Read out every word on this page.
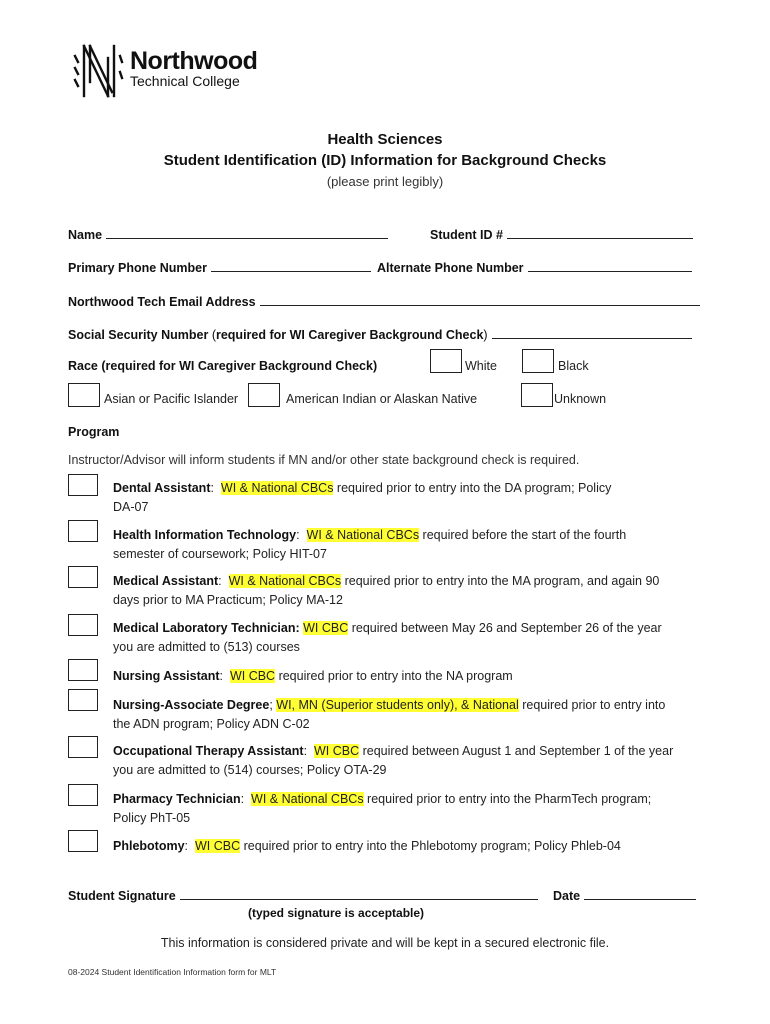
Northwood
Technical College
Health Sciences
Student Identification (ID) Information for Background Checks
(please print legibly)
Name	Student ID #
Primary Phone Number	Alternate Phone Number
Northwood Tech Email Address
Social Security Number (required for WI Caregiver Background Check)
Race (required for WI Caregiver Background Check)	White	Black
Asian or Pacific Islander	American Indian or Alaskan Native	Unknown
Program
Instructor/Advisor will inform students if MN and/or other state background check is required.
Dental Assistant: WI & National CBCs required prior to entry into the DA program; Policy
DA-07
Health Information Technology: WI & National CBCs required before the start of the fourth
semester of coursework; Policy HIT-07
Medical Assistant: WI & National CBCs required prior to entry into the MA program, and again 90
days prior to MA Practicum; Policy MA-12
Medical Laboratory Technician: WI CBC required between May 26 and September 26 of the year
you are admitted to (513) courses
Nursing Assistant: WI CBC required prior to entry into the NA program
Nursing-Associate Degree; WI, MN (Superior students only), & National required prior to entry into
the ADN program; Policy ADN C-02
Occupational Therapy Assistant: WI CBC required between August 1 and September 1 of the year
you are admitted to (514) courses; Policy OTA-29
Pharmacy Technician: WI & National CBCs required prior to entry into the PharmTech program;
Policy PhT-05
Phlebotomy: WI CBC required prior to entry into the Phlebotomy program; Policy Phleb-04
Student Signature	Date
(typed signature is acceptable)
This information is considered private and will be kept in a secured electronic file.
08-2024 Student Identification Information form for MLT
